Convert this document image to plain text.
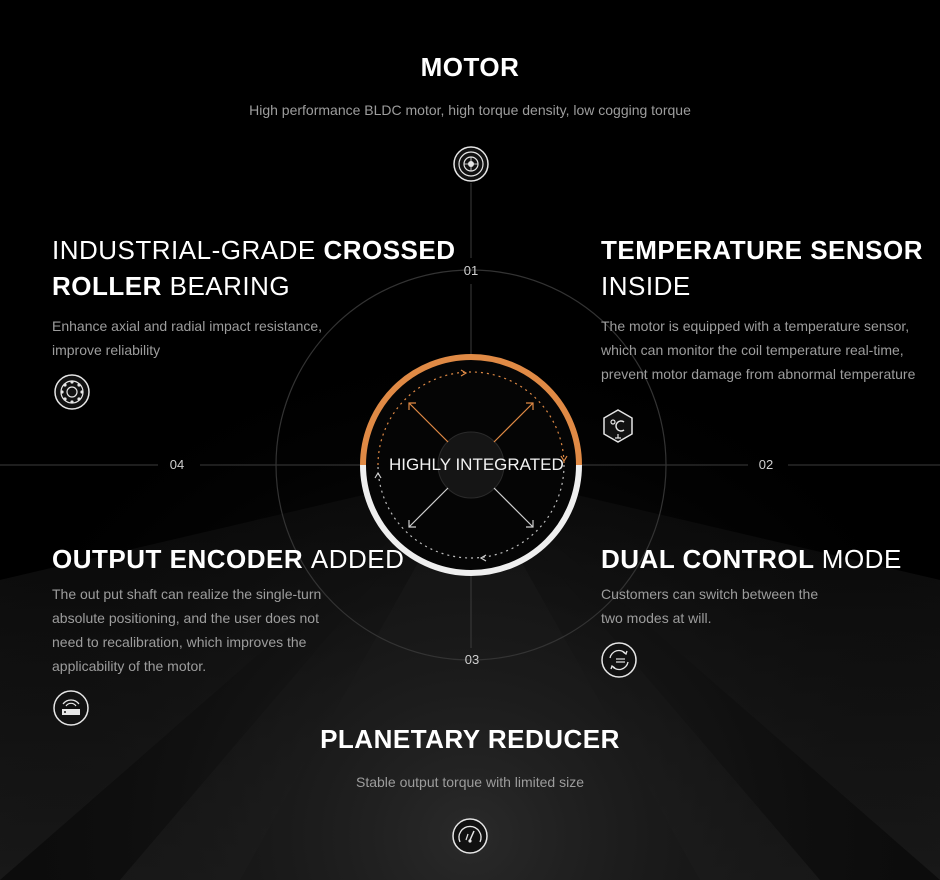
01
02
03
04	HIGHLY INTEGRATED
MOTOR
High performance BLDC motor, high torque density, low cogging torque
INDUSTRIAL-GRADE CROSSED
ROLLER BEARING
Enhance axial and radial impact resistance, improve reliability
TEMPERATURE SENSOR
INSIDE
The motor is equipped with a temperature sensor, which can monitor the coil temperature real-time, prevent motor damage from abnormal temperature
OUTPUT ENCODER ADDED
The out put shaft can realize the single-turn absolute positioning, and the user does not need to recalibration, which improves the applicability of the motor.
DUAL CONTROL MODE
Customers can switch between the two modes at will.
PLANETARY REDUCER
Stable output torque with limited size
